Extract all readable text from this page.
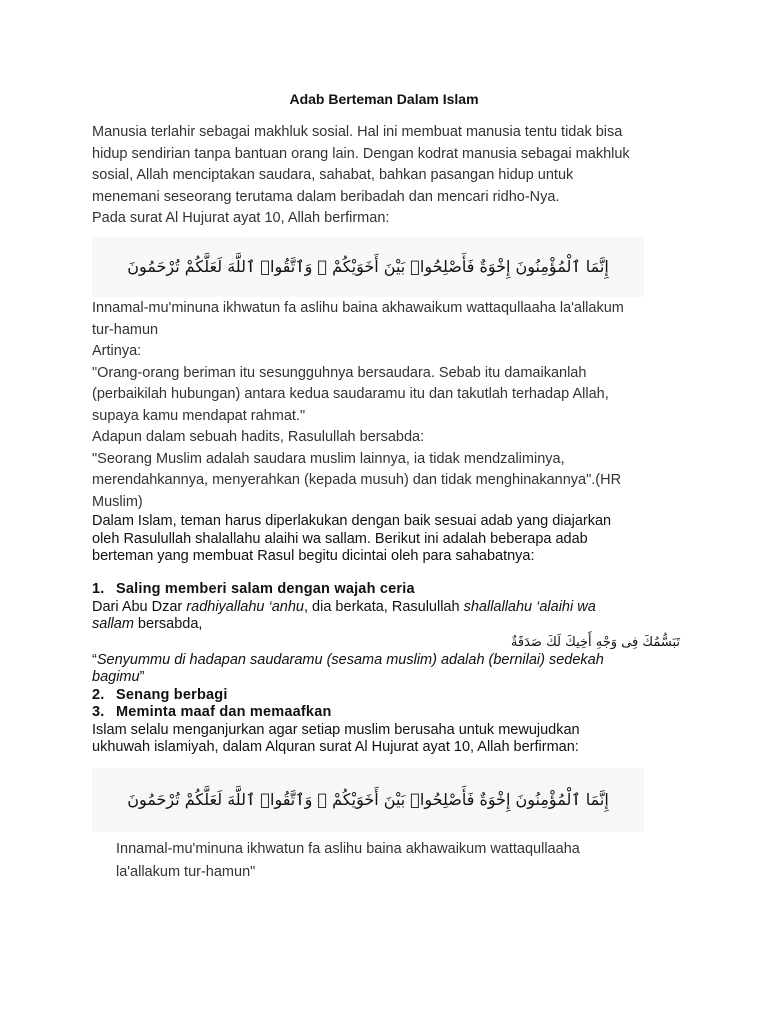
Adab Berteman Dalam Islam
Manusia terlahir sebagai makhluk sosial. Hal ini membuat manusia tentu tidak bisa
hidup sendirian tanpa bantuan orang lain. Dengan kodrat manusia sebagai makhluk
sosial, Allah menciptakan saudara, sahabat, bahkan pasangan hidup untuk
menemani seseorang terutama dalam beribadah dan mencari ridho-Nya.
Pada surat Al Hujurat ayat 10, Allah berfirman:
إِنَّمَا ٱلْمُؤْمِنُونَ إِخْوَةٌ فَأَصْلِحُوا۟ بَيْنَ أَخَوَيْكُمْ ۚ وَٱتَّقُوا۟ ٱللَّهَ لَعَلَّكُمْ تُرْحَمُونَ
Innamal-mu'minuna ikhwatun fa aslihu baina akhawaikum wattaqullaaha la'allakum
tur-hamun
Artinya:
"Orang-orang beriman itu sesungguhnya bersaudara. Sebab itu damaikanlah
(perbaikilah hubungan) antara kedua saudaramu itu dan takutlah terhadap Allah,
supaya kamu mendapat rahmat."
Adapun dalam sebuah hadits, Rasulullah bersabda:
"Seorang Muslim adalah saudara muslim lainnya, ia tidak mendzaliminya,
merendahkannya, menyerahkan (kepada musuh) dan tidak menghinakannya".(HR
Muslim)
Dalam Islam, teman harus diperlakukan dengan baik sesuai adab yang diajarkan
oleh Rasulullah shalallahu alaihi wa sallam. Berikut ini adalah beberapa adab
berteman yang membuat Rasul begitu dicintai oleh para sahabatnya:
1. Saling memberi salam dengan wajah ceria
Dari Abu Dzar radhiyallahu ‘anhu, dia berkata, Rasulullah shallallahu ‘alaihi wa
sallam bersabda,
تَبَسُّمُكَ فِى وَجْهِ أَخِيكَ لَكَ صَدَقَةٌ
“Senyummu di hadapan saudaramu (sesama muslim) adalah (bernilai) sedekah
bagimu”
2. Senang berbagi
3. Meminta maaf dan memaafkan
Islam selalu menganjurkan agar setiap muslim berusaha untuk mewujudkan
ukhuwah islamiyah, dalam Alquran surat Al Hujurat ayat 10, Allah berfirman:
إِنَّمَا ٱلْمُؤْمِنُونَ إِخْوَةٌ فَأَصْلِحُوا۟ بَيْنَ أَخَوَيْكُمْ ۚ وَٱتَّقُوا۟ ٱللَّهَ لَعَلَّكُمْ تُرْحَمُونَ
Innamal-mu'minuna ikhwatun fa aslihu baina akhawaikum wattaqullaaha
la'allakum tur-hamun"
